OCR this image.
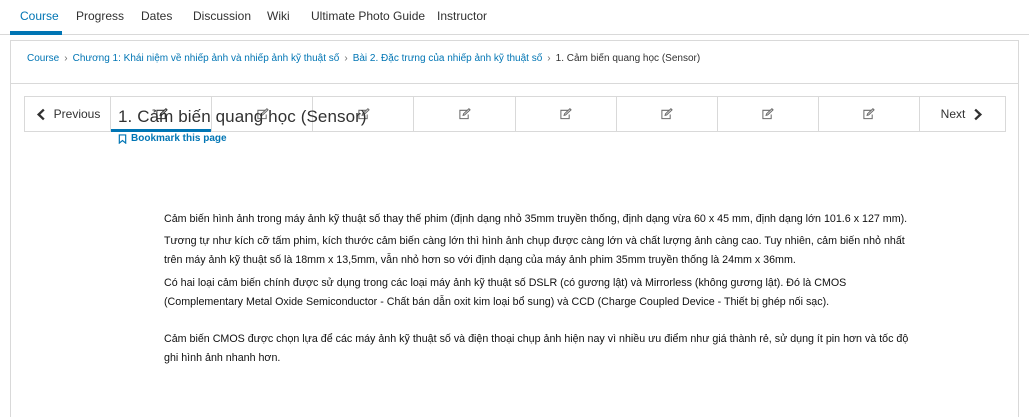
Course Progress Dates Discussion Wiki Ultimate Photo Guide Instructor
Course › Chương 1: Khái niệm về nhiếp ảnh và nhiếp ảnh kỹ thuật số › Bài 2. Đặc trưng của nhiếp ảnh kỹ thuật số › 1. Cảm biến quang học (Sensor)
Previous	Next
1. Cảm biến quang học (Sensor)
Bookmark this page

Cảm biến hình ảnh trong máy ảnh kỹ thuật số thay thế phim (định dạng nhỏ 35mm truyền thống, định dạng vừa 60 x 45 mm, định dạng lớn 101.6 x 127 mm).

Tương tự như kích cỡ tấm phim, kích thước cảm biến càng lớn thì hình ảnh chụp được càng lớn và chất lượng ảnh càng cao. Tuy nhiên, cảm biến nhỏ nhất trên máy ảnh kỹ thuật số là 18mm x 13,5mm, vẫn nhỏ hơn so với định dạng của máy ảnh phim 35mm truyền thống là 24mm x 36mm.

Có hai loại cảm biến chính được sử dụng trong các loại máy ảnh kỹ thuật số DSLR (có gương lật) và Mirrorless (không gương lật). Đó là CMOS (Complementary Metal Oxide Semiconductor - Chất bán dẫn oxit kim loại bổ sung) và CCD (Charge Coupled Device - Thiết bị ghép nối sạc).

Cảm biến CMOS được chọn lựa để các máy ảnh kỹ thuật số và điện thoại chụp ảnh hiện nay vì nhiều ưu điểm như giá thành rẻ, sử dụng ít pin hơn và tốc độ ghi hình ảnh nhanh hơn.
